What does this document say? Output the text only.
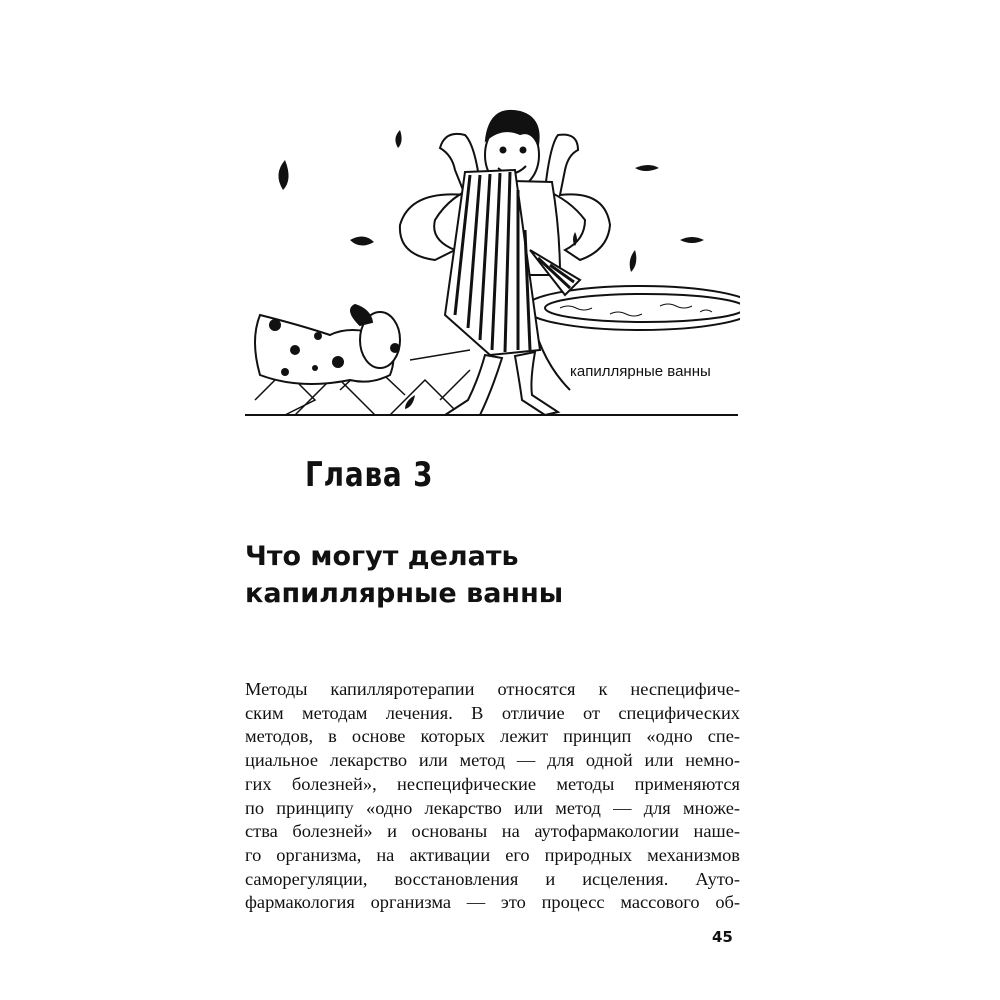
капиллярные ванны
Глава 3
Что могут делать
капиллярные ванны
Методы капилляротерапии относятся к неспецифиче-
ским методам лечения. В отличие от специфических
методов, в основе которых лежит принцип «одно спе-
циальное лекарство или метод — для одной или немно-
гих болезней», неспецифические методы применяются
по принципу «одно лекарство или метод — для множе-
ства болезней» и основаны на аутофармакологии наше-
го организма, на активации его природных механизмов
саморегуляции, восстановления и исцеления. Ауто-
фармакология организма — это процесс массового об-
45
